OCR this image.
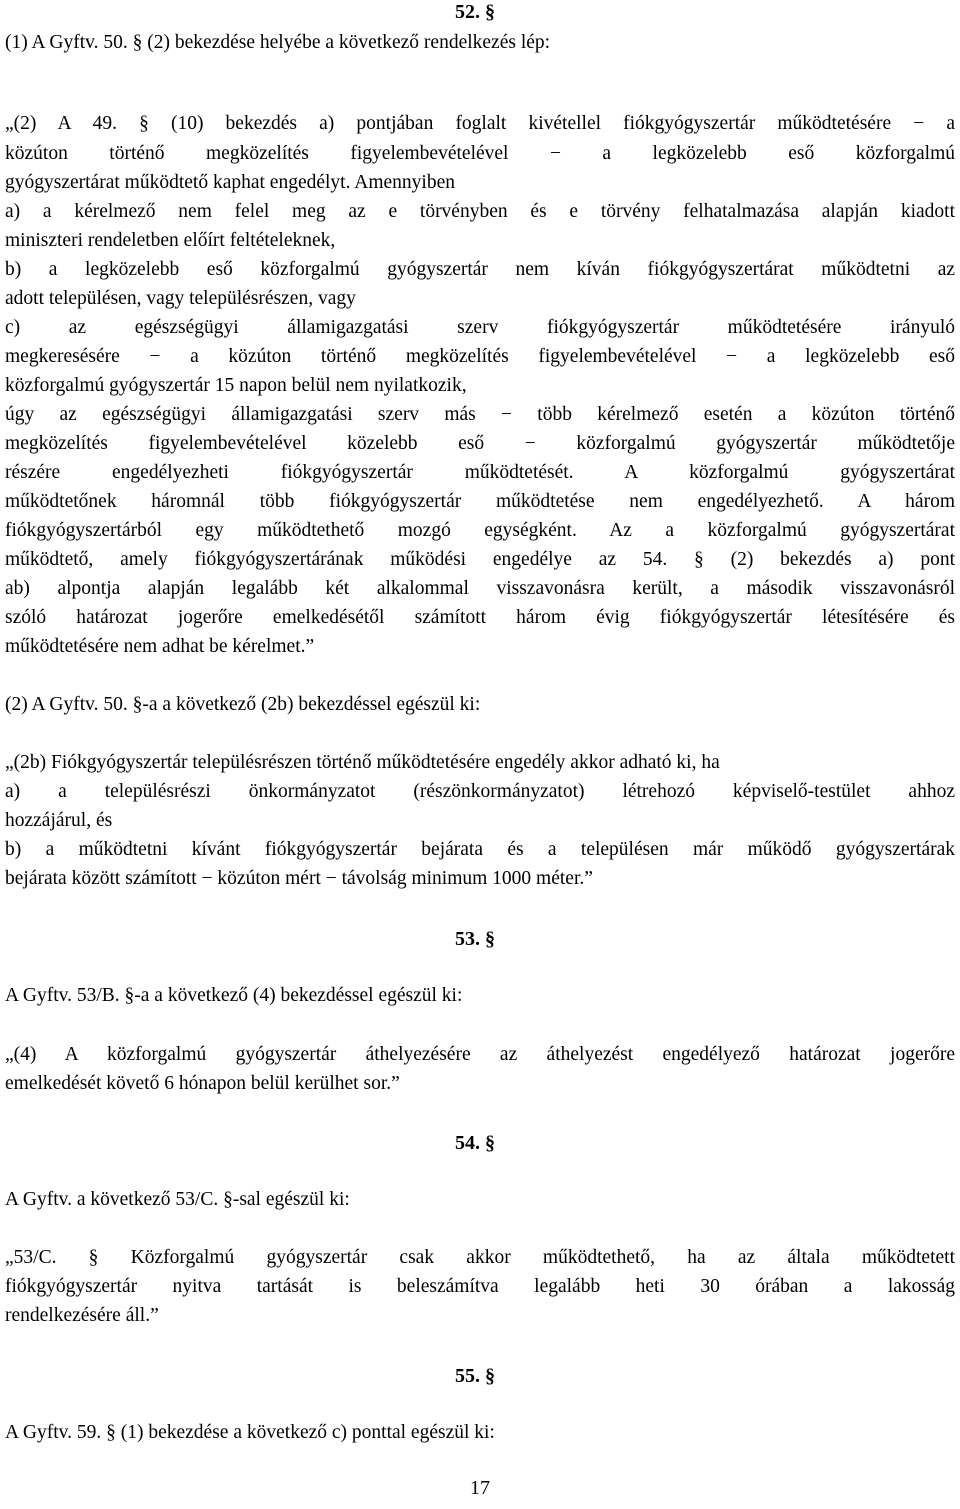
52. §
(1) A Gyftv. 50. § (2) bekezdése helyébe a következő rendelkezés lép:
„(2) A 49. § (10) bekezdés a) pontjában foglalt kivétellel fiókgyógyszertár működtetésére − a
közúton történő megközelítés figyelembevételével − a legközelebb eső közforgalmú
gyógyszertárat működtető kaphat engedélyt. Amennyiben
a) a kérelmező nem felel meg az e törvényben és e törvény felhatalmazása alapján kiadott
miniszteri rendeletben előírt feltételeknek,
b) a legközelebb eső közforgalmú gyógyszertár nem kíván fiókgyógyszertárat működtetni az
adott településen, vagy településrészen, vagy
c) az egészségügyi államigazgatási szerv fiókgyógyszertár működtetésére irányuló
megkeresésére − a közúton történő megközelítés figyelembevételével − a legközelebb eső
közforgalmú gyógyszertár 15 napon belül nem nyilatkozik,
úgy az egészségügyi államigazgatási szerv más − több kérelmező esetén a közúton történő
megközelítés figyelembevételével közelebb eső − közforgalmú gyógyszertár működtetője
részére engedélyezheti fiókgyógyszertár működtetését. A közforgalmú gyógyszertárat
működtetőnek háromnál több fiókgyógyszertár működtetése nem engedélyezhető. A három
fiókgyógyszertárból egy működtethető mozgó egységként. Az a közforgalmú gyógyszertárat
működtető, amely fiókgyógyszertárának működési engedélye az 54. § (2) bekezdés a) pont
ab) alpontja alapján legalább két alkalommal visszavonásra került, a második visszavonásról
szóló határozat jogerőre emelkedésétől számított három évig fiókgyógyszertár létesítésére és
működtetésére nem adhat be kérelmet.”
(2) A Gyftv. 50. §-a a következő (2b) bekezdéssel egészül ki:
„(2b) Fiókgyógyszertár településrészen történő működtetésére engedély akkor adható ki, ha
a) a településrészi önkormányzatot (részönkormányzatot) létrehozó képviselő-testület ahhoz
hozzájárul, és
b) a működtetni kívánt fiókgyógyszertár bejárata és a településen már működő gyógyszertárak
bejárata között számított − közúton mért − távolság minimum 1000 méter.”
53. §
A Gyftv. 53/B. §-a a következő (4) bekezdéssel egészül ki:
„(4) A közforgalmú gyógyszertár áthelyezésére az áthelyezést engedélyező határozat jogerőre
emelkedését követő 6 hónapon belül kerülhet sor.”
54. §
A Gyftv. a következő 53/C. §-sal egészül ki:
„53/C. § Közforgalmú gyógyszertár csak akkor működtethető, ha az általa működtetett
fiókgyógyszertár nyitva tartását is beleszámítva legalább heti 30 órában a lakosság
rendelkezésére áll.”
55. §
A Gyftv. 59. § (1) bekezdése a következő c) ponttal egészül ki:
17
